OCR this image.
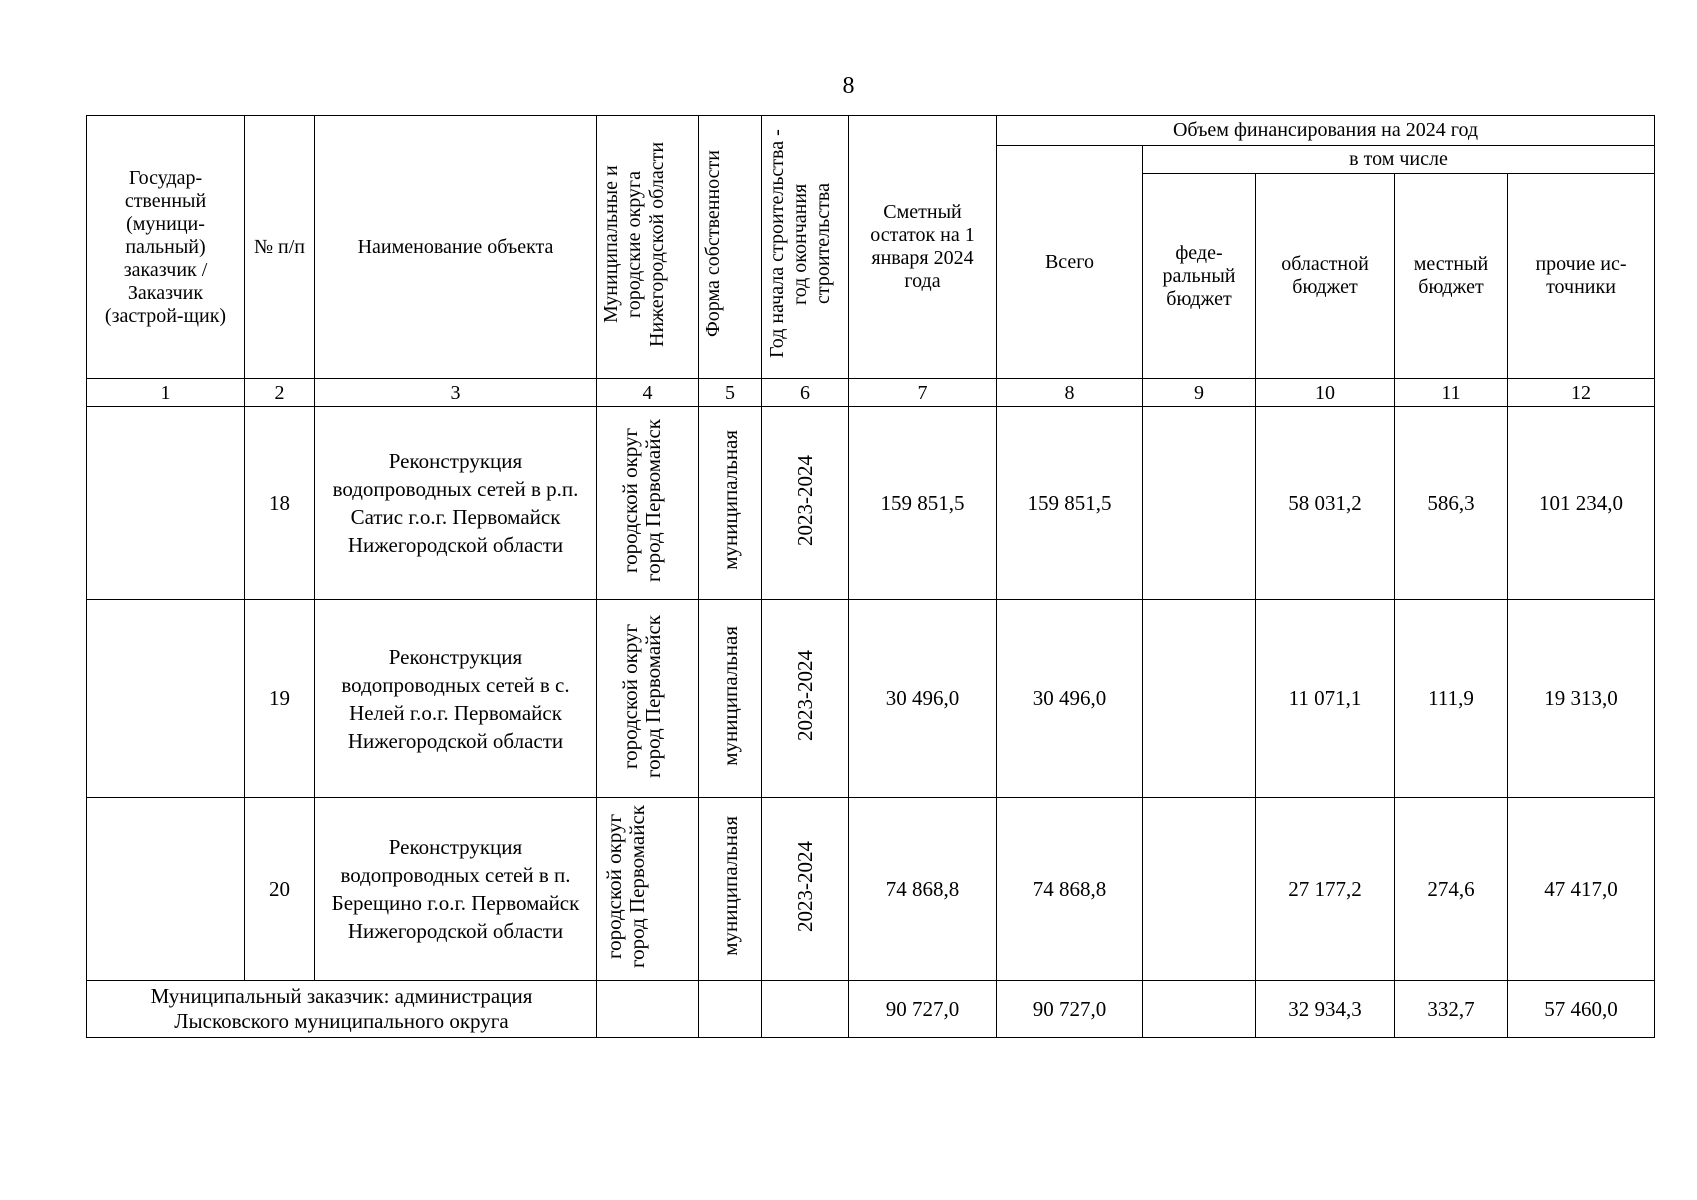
8
Государ-ственный (муници-пальный) заказчик / Заказчик (застрой-щик)	№ п/п	Наименование объекта	Муниципальные и городские округа Нижегородской области	Форма собственности	Год начала строительства - год окончания строительства	Сметный остаток на 1 января 2024 года	Объем финансирования на 2024 год				
							Всего	в том числе			
								феде-ральный бюджет	областной бюджет	местный бюджет	прочие ис-точники
1	2	3	4	5	6	7	8	9	10	11	12
	18	Реконструкция водопроводных сетей в р.п. Сатис г.о.г. Первомайск Нижегородской области	городской округ город Первомайск	муниципальная	2023-2024	159 851,5	159 851,5		58 031,2	586,3	101 234,0
	19	Реконструкция водопроводных сетей в с. Нелей г.о.г. Первомайск Нижегородской области	городской округ город Первомайск	муниципальная	2023-2024	30 496,0	30 496,0		11 071,1	111,9	19 313,0
	20	Реконструкция водопроводных сетей в п. Берещино г.о.г. Первомайск Нижегородской области	городской округ город Первомайск	муниципальная	2023-2024	74 868,8	74 868,8		27 177,2	274,6	47 417,0
Муниципальный заказчик: администрация Лысковского муниципального округа						90 727,0	90 727,0		32 934,3	332,7	57 460,0
